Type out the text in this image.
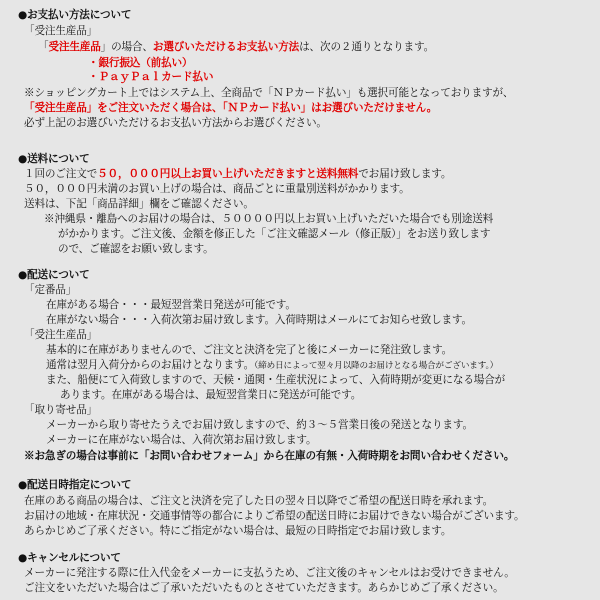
●お支払い方法について
「受注生産品」
「受注生産品」の場合、お選びいただけるお支払い方法は、次の２通りとなります。
・銀行振込（前払い）
・ＰａｙＰａｌカード払い
※ショッピングカート上ではシステム上、全商品で「ＮＰカード払い」も選択可能となっておりますが、
「受注生産品」をご注文いただく場合は、「ＮＰカード払い」はお選びいただけません。
必ず上記のお選びいただけるお支払い方法からお選びください。
●送料について
１回のご注文で５０，０００円以上お買い上げいただきますと送料無料でお届け致します。
５０，０００円未満のお買い上げの場合は、商品ごとに重量別送料がかかります。
送料は、下記「商品詳細」欄をご確認ください。
※沖縄県・離島へのお届けの場合は、５００００円以上お買い上げいただいた場合でも別途送料
がかかります。ご注文後、金額を修正した「ご注文確認メール（修正版）」をお送り致します
ので、ご確認をお願い致します。
●配送について
「定番品」
在庫がある場合・・・最短翌営業日発送が可能です。
在庫がない場合・・・入荷次第お届け致します。入荷時期はメールにてお知らせ致します。
「受注生産品」
基本的に在庫がありませんので、ご注文と決済を完了と後にメーカーに発注致します。
通常は翌月入荷分からのお届けとなります。（締め日によって翌々月以降のお届けとなる場合がございます。）
また、船便にて入荷致しますので、天候・通関・生産状況によって、入荷時期が変更になる場合が
あります。在庫がある場合は、最短翌営業日に発送が可能です。
「取り寄せ品」
メーカーから取り寄せたうえでお届け致しますので、約３～５営業日後の発送となります。
メーカーに在庫がない場合は、入荷次第お届け致します。
※お急ぎの場合は事前に「お問い合わせフォーム」から在庫の有無・入荷時期をお問い合わせください。
●配送日時指定について
在庫のある商品の場合は、ご注文と決済を完了した日の翌々日以降でご希望の配送日時を承れます。
お届けの地域・在庫状況・交通事情等の都合によりご希望の配送日時にお届けできない場合がございます。
あらかじめご了承ください。特にご指定がない場合は、最短の日時指定でお届け致します。
●キャンセルについて
メーカーに発注する際に仕入代金をメーカーに支払うため、ご注文後のキャンセルはお受けできません。
ご注文をいただいた場合はご了承いただいたものとさせていただきます。あらかじめご了承ください。
